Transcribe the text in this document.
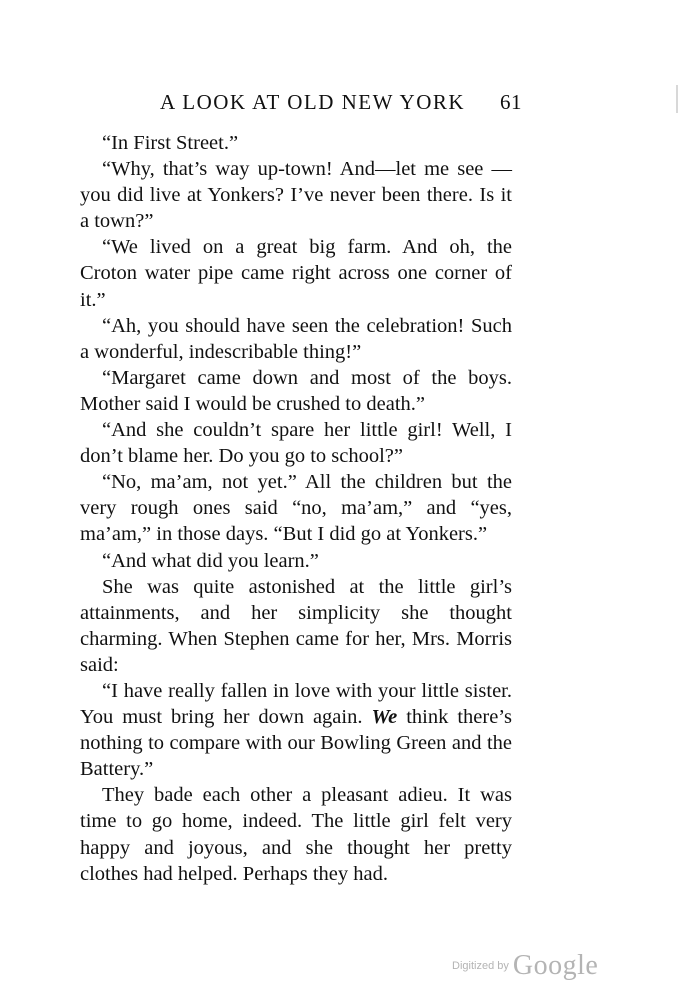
A LOOK AT OLD NEW YORK 61

“In First Street.”

“Why, that’s way up-town! And—let me see —you did live at Yonkers? I’ve never been there. Is it a town?”

“We lived on a great big farm. And oh, the Croton water pipe came right across one corner of it.”

“Ah, you should have seen the celebration! Such a wonderful, indescribable thing!”

“Margaret came down and most of the boys. Mother said I would be crushed to death.”

“And she couldn’t spare her little girl! Well, I don’t blame her. Do you go to school?”

“No, ma’am, not yet.” All the children but the very rough ones said “no, ma’am,” and “yes, ma’am,” in those days. “But I did go at Yonkers.”

“And what did you learn.”

She was quite astonished at the little girl’s attainments, and her simplicity she thought charming. When Stephen came for her, Mrs. Morris said:

“I have really fallen in love with your little sister. You must bring her down again. We think there’s nothing to compare with our Bowling Green and the Battery.”

They bade each other a pleasant adieu. It was time to go home, indeed. The little girl felt very happy and joyous, and she thought her pretty clothes had helped. Perhaps they had.

Digitized by Google
